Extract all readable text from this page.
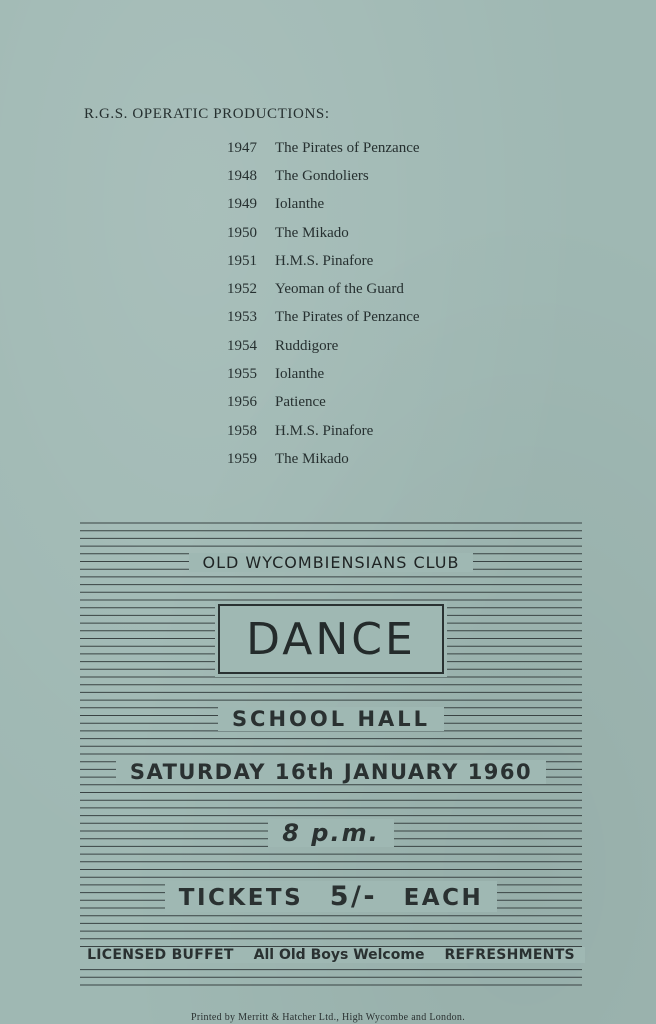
R.G.S. OPERATIC PRODUCTIONS:
1947	The Pirates of Penzance
1948	The Gondoliers
1949	Iolanthe
1950	The Mikado
1951	H.M.S. Pinafore
1952	Yeoman of the Guard
1953	The Pirates of Penzance
1954	Ruddigore
1955	Iolanthe
1956	Patience
1958	H.M.S. Pinafore
1959	The Mikado
OLD WYCOMBIENSIANS CLUB
DANCE
SCHOOL HALL
SATURDAY 16th JANUARY 1960
8 p.m.
TICKETS 5/- EACH
LICENSED BUFFET All Old Boys Welcome REFRESHMENTS
Printed by Merritt & Hatcher Ltd., High Wycombe and London.
